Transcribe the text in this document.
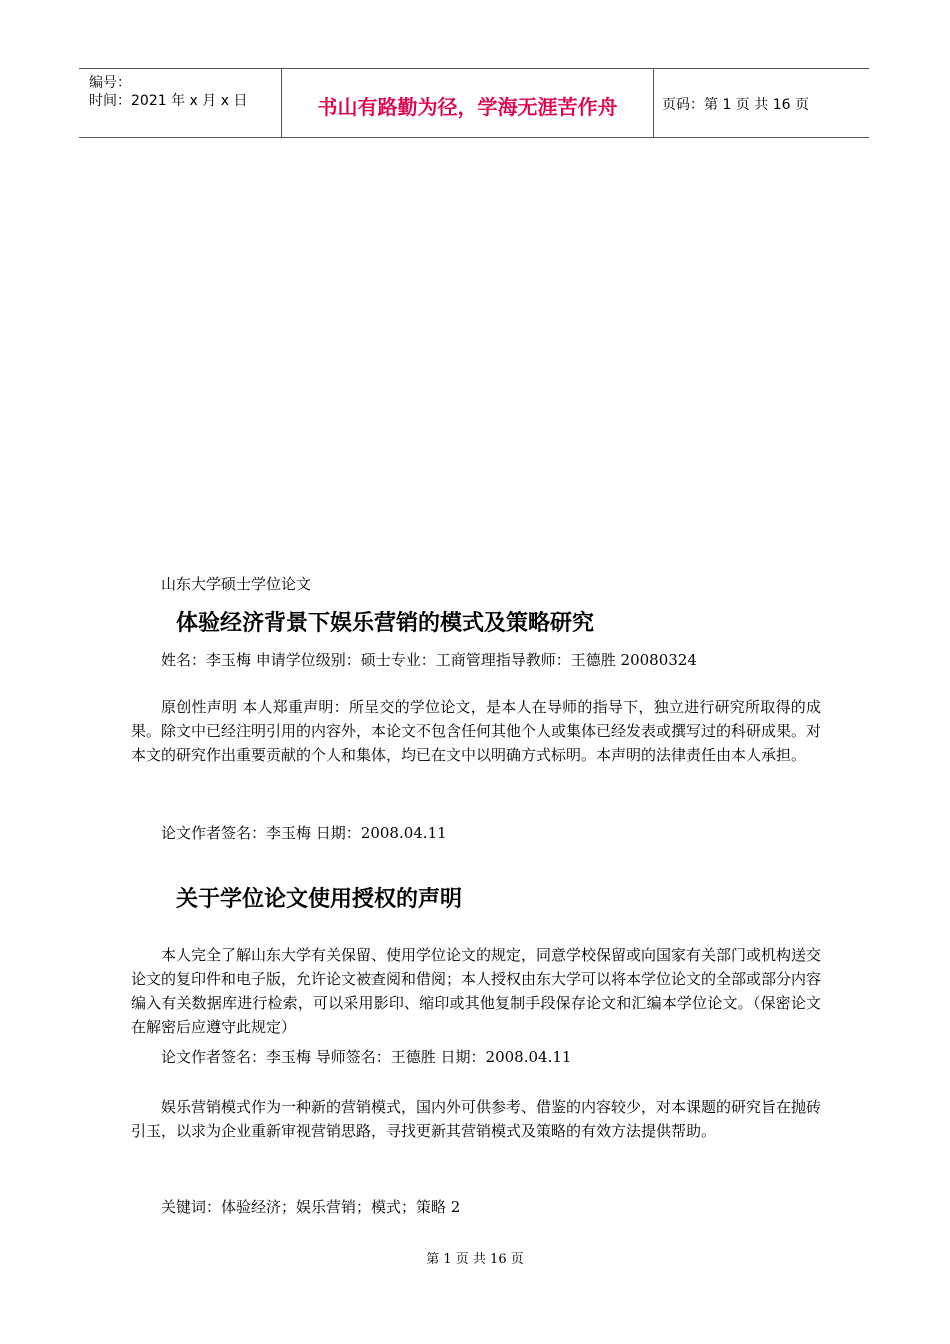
编号：
时间：2021 年 x 月 x 日	书山有路勤为径，学海无涯苦作舟	页码：第 1 页 共 16 页
山东大学硕士学位论文
体验经济背景下娱乐营销的模式及策略研究
姓名：李玉梅 申请学位级别：硕士专业：工商管理指导教师：王德胜 20080324
原创性声明 本人郑重声明：所呈交的学位论文，是本人在导师的指导下，独立进行研究所取得的成果。除文中已经注明引用的内容外，本论文不包含任何其他个人或集体已经发表或撰写过的科研成果。对本文的研究作出重要贡献的个人和集体，均已在文中以明确方式标明。本声明的法律责任由本人承担。
论文作者签名：李玉梅 日期：2008.04.11
关于学位论文使用授权的声明
本人完全了解山东大学有关保留、使用学位论文的规定，同意学校保留或向国家有关部门或机构送交论文的复印件和电子版，允许论文被查阅和借阅；本人授权由东大学可以将本学位论文的全部或部分内容编入有关数据库进行检索，可以采用影印、缩印或其他复制手段保存论文和汇编本学位论文。（保密论文在解密后应遵守此规定）
论文作者签名：李玉梅 导师签名：王德胜 日期：2008.04.11
娱乐营销模式作为一种新的营销模式，国内外可供参考、借鉴的内容较少，对本课题的研究旨在抛砖引玉，以求为企业重新审视营销思路，寻找更新其营销模式及策略的有效方法提供帮助。
关键词：体验经济；娱乐营销；模式；策略 2
第 1 页 共 16 页
